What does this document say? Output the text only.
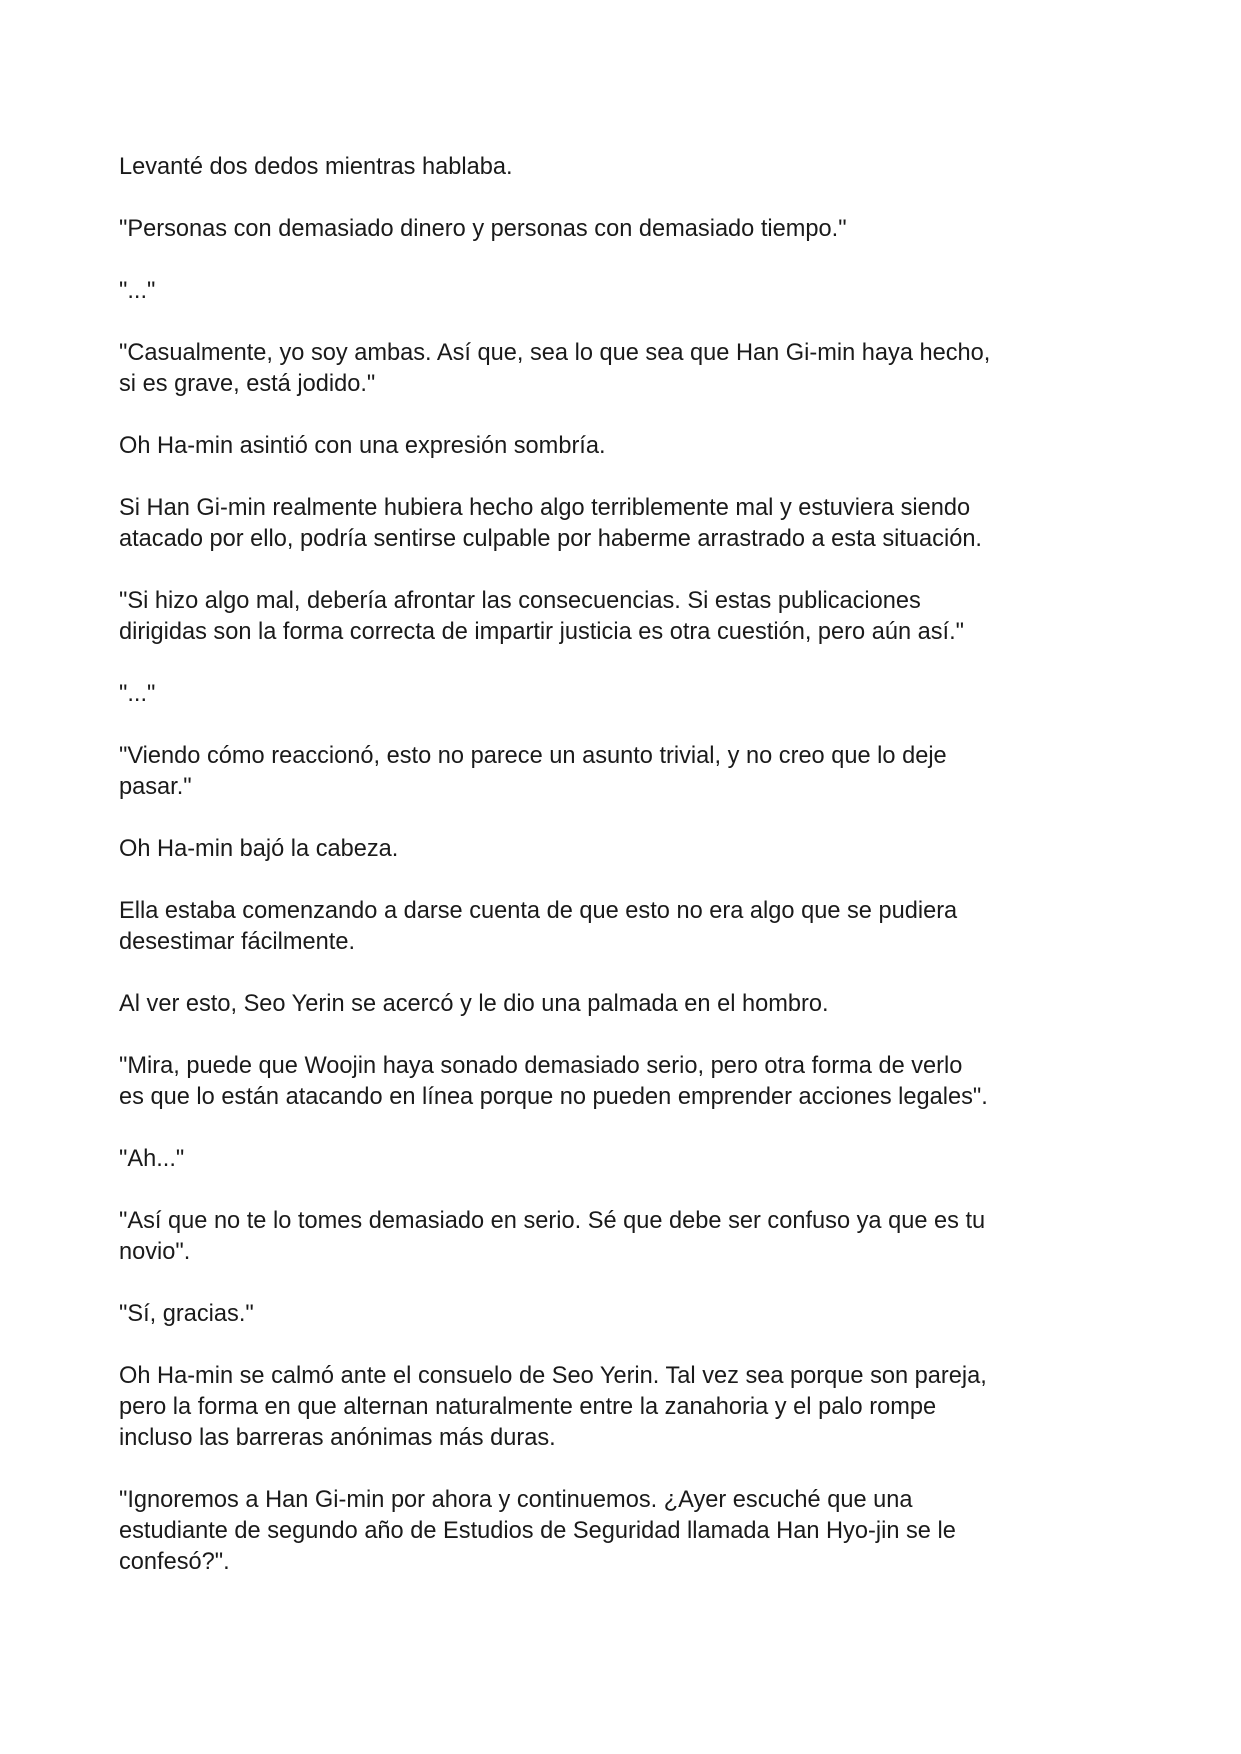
Levanté dos dedos mientras hablaba.

"Personas con demasiado dinero y personas con demasiado tiempo."

"..."

"Casualmente, yo soy ambas. Así que, sea lo que sea que Han Gi-min haya hecho,
si es grave, está jodido."

Oh Ha-min asintió con una expresión sombría.

Si Han Gi-min realmente hubiera hecho algo terriblemente mal y estuviera siendo
atacado por ello, podría sentirse culpable por haberme arrastrado a esta situación.

"Si hizo algo mal, debería afrontar las consecuencias. Si estas publicaciones
dirigidas son la forma correcta de impartir justicia es otra cuestión, pero aún así."

"..."

"Viendo cómo reaccionó, esto no parece un asunto trivial, y no creo que lo deje
pasar."

Oh Ha-min bajó la cabeza.

Ella estaba comenzando a darse cuenta de que esto no era algo que se pudiera
desestimar fácilmente.

Al ver esto, Seo Yerin se acercó y le dio una palmada en el hombro.

"Mira, puede que Woojin haya sonado demasiado serio, pero otra forma de verlo
es que lo están atacando en línea porque no pueden emprender acciones legales".

"Ah..."

"Así que no te lo tomes demasiado en serio. Sé que debe ser confuso ya que es tu
novio".

"Sí, gracias."

Oh Ha-min se calmó ante el consuelo de Seo Yerin. Tal vez sea porque son pareja,
pero la forma en que alternan naturalmente entre la zanahoria y el palo rompe
incluso las barreras anónimas más duras.

"Ignoremos a Han Gi-min por ahora y continuemos. ¿Ayer escuché que una
estudiante de segundo año de Estudios de Seguridad llamada Han Hyo-jin se le
confesó?".
